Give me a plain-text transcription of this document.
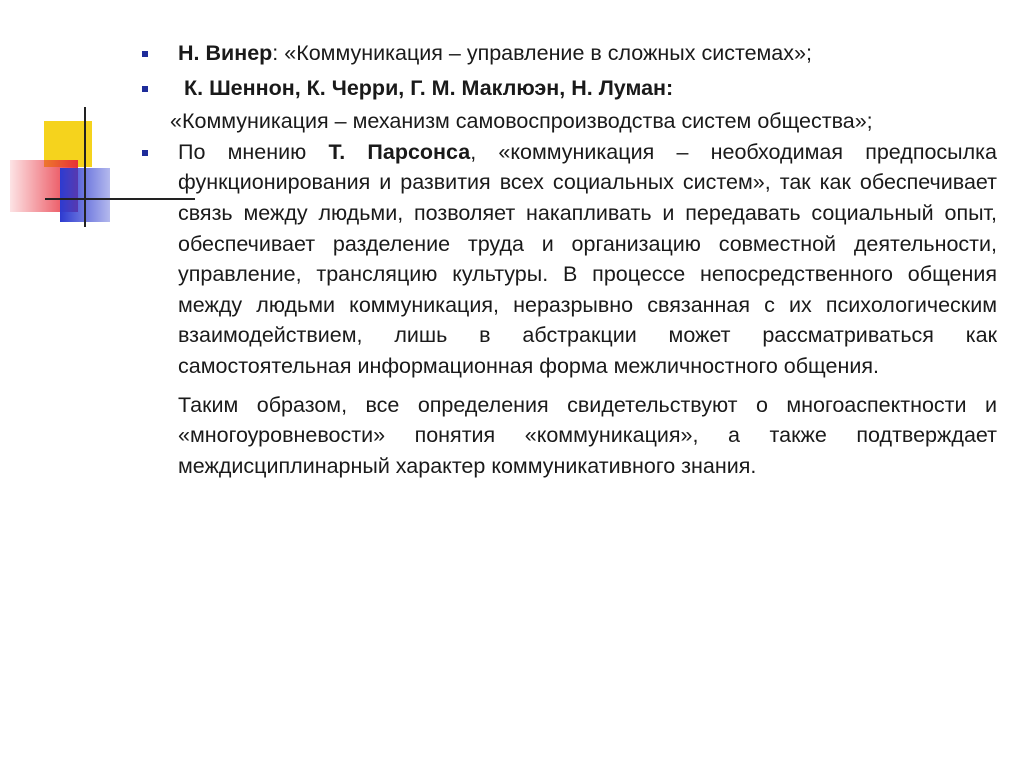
Н. Винер: «Коммуникация – управление в сложных системах»;
К. Шеннон, К. Черри, Г. М. Маклюэн, Н. Луман:
«Коммуникация – механизм самовоспроизводства систем общества»;
По мнению Т. Парсонса, «коммуникация – необходимая предпосылка функционирования и развития всех социальных систем», так как обеспечивает связь между людьми, позволяет накапливать и передавать социальный опыт, обеспечивает разделение труда и организацию совместной деятельности, управление, трансляцию культуры. В процессе непосредственного общения между людьми коммуникация, неразрывно связанная с их психологическим взаимодействием, лишь в абстракции может рассматриваться как самостоятельная информационная форма межличностного общения.
Таким образом, все определения свидетельствуют о многоаспектности и «многоуровневости» понятия «коммуникация», а также подтверждает междисциплинарный характер коммуникативного знания.
